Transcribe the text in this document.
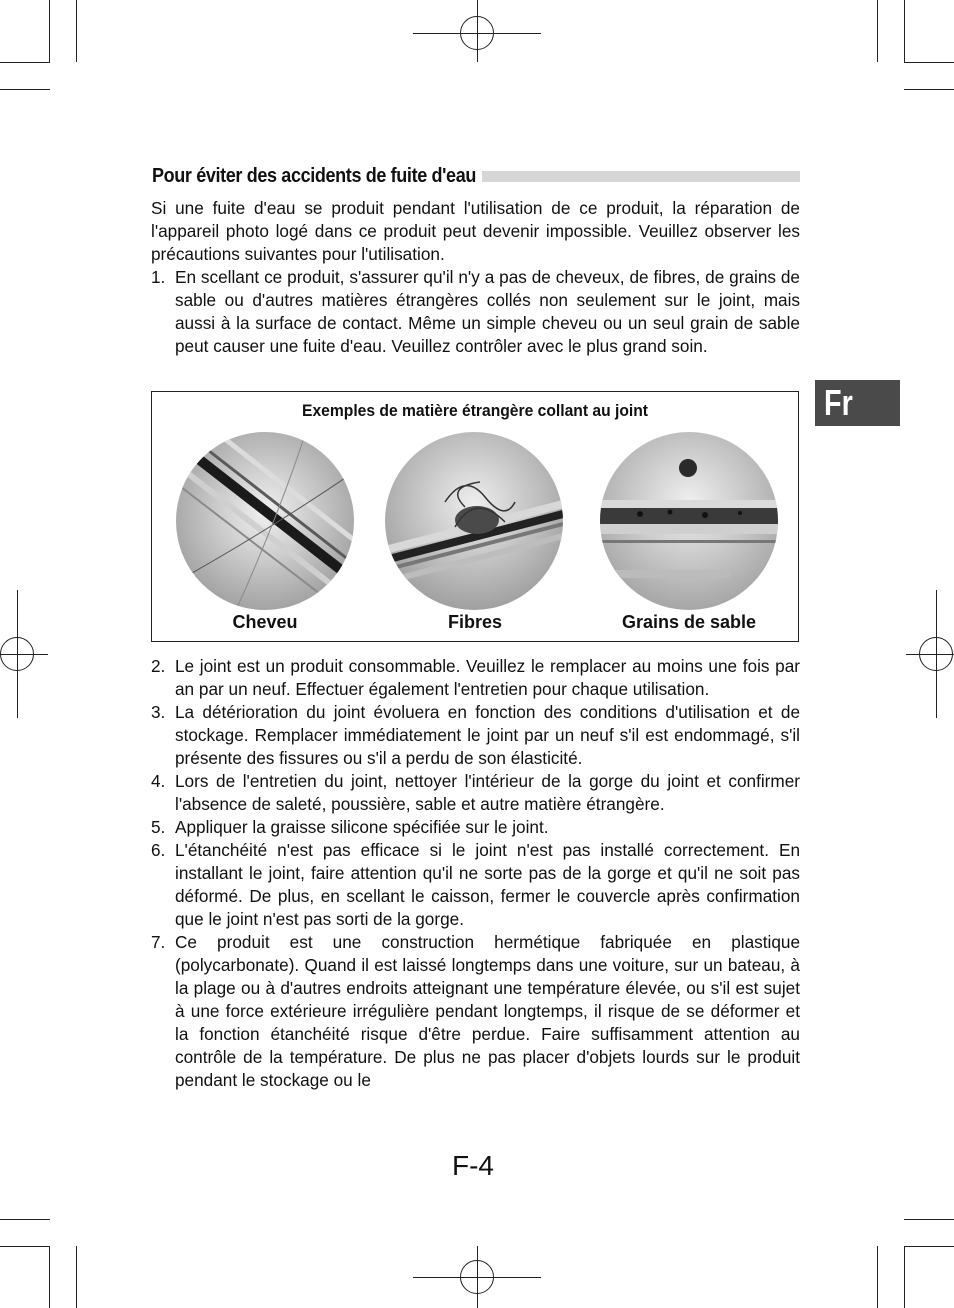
Pour éviter des accidents de fuite d'eau
Si une fuite d'eau se produit pendant l'utilisation de ce produit, la réparation de l'appareil photo logé dans ce produit peut devenir impossible. Veuillez observer les précautions suivantes pour l'utilisation.
1. En scellant ce produit, s'assurer qu'il n'y a pas de cheveux, de fibres, de grains de sable ou d'autres matières étrangères collés non seulement sur le joint, mais aussi à la surface de contact. Même un simple cheveu ou un seul grain de sable peut causer une fuite d'eau. Veuillez contrôler avec le plus grand soin.
Exemples de matière étrangère collant au joint
Cheveu	Fibres	Grains de sable
2. Le joint est un produit consommable. Veuillez le remplacer au moins une fois par an par un neuf. Effectuer également l'entretien pour chaque utilisation.
3. La détérioration du joint évoluera en fonction des conditions d'utilisation et de stockage. Remplacer immédiatement le joint par un neuf s'il est endommagé, s'il présente des fissures ou s'il a perdu de son élasticité.
4. Lors de l'entretien du joint, nettoyer l'intérieur de la gorge du joint et confirmer l'absence de saleté, poussière, sable et autre matière étrangère.
5. Appliquer la graisse silicone spécifiée sur le joint.
6. L'étanchéité n'est pas efficace si le joint n'est pas installé correctement. En installant le joint, faire attention qu'il ne sorte pas de la gorge et qu'il ne soit pas déformé. De plus, en scellant le caisson, fermer le couvercle après confirmation que le joint n'est pas sorti de la gorge.
7. Ce produit est une construction hermétique fabriquée en plastique (polycarbonate). Quand il est laissé longtemps dans une voiture, sur un bateau, à la plage ou à d'autres endroits atteignant une température élevée, ou s'il est sujet à une force extérieure irrégulière pendant longtemps, il risque de se déformer et la fonction étanchéité risque d'être perdue. Faire suffisamment attention au contrôle de la température. De plus ne pas placer d'objets lourds sur le produit pendant le stockage ou le
Fr
F-4
